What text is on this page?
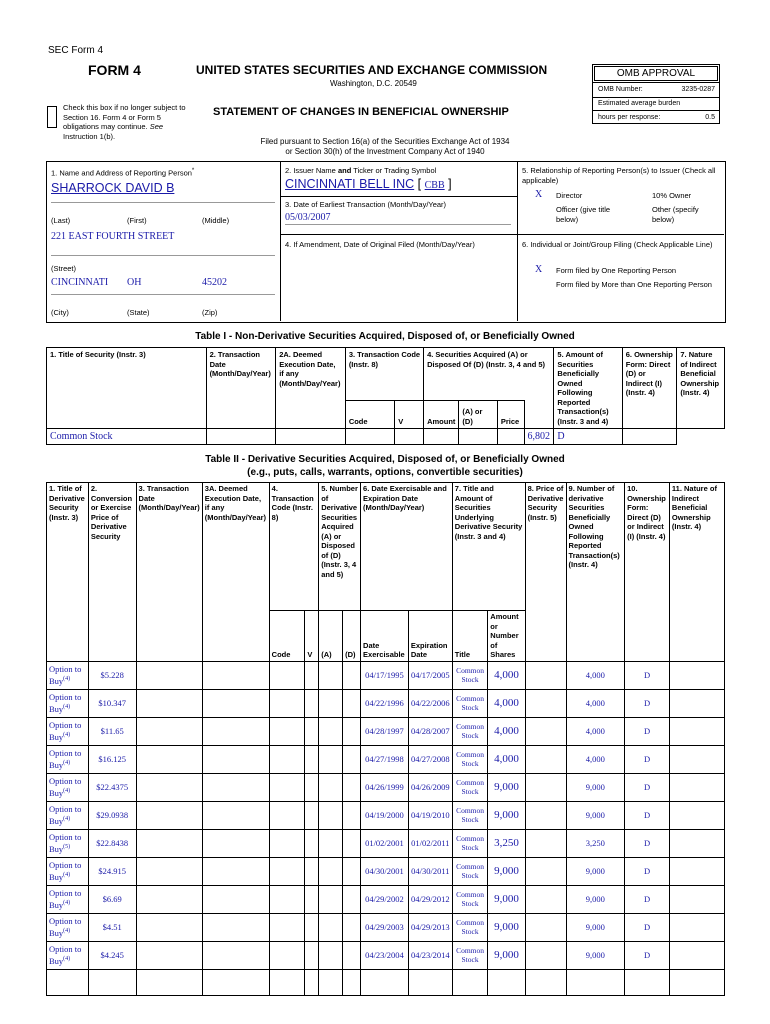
SEC Form 4
FORM 4	UNITED STATES SECURITIES AND EXCHANGE COMMISSION
Washington, D.C. 20549
Check this box if no longer subject to Section 16. Form 4 or Form 5 obligations may continue. See Instruction 1(b).
STATEMENT OF CHANGES IN BENEFICIAL OWNERSHIP
OMB APPROVAL
OMB Number:	3235-0287
Estimated average burden
hours per response:	0.5
Filed pursuant to Section 16(a) of the Securities Exchange Act of 1934
or Section 30(h) of the Investment Company Act of 1940
1. Name and Address of Reporting Person*
SHARROCK DAVID B
(Last)	(First)	(Middle)
221 EAST FOURTH STREET
(Street)
CINCINNATI OH	45202
(City)	(State)	(Zip)
2. Issuer Name and Ticker or Trading Symbol
CINCINNATI BELL INC [ CBB ]
3. Date of Earliest Transaction (Month/Day/Year)
05/03/2007
4. If Amendment, Date of Original Filed (Month/Day/Year)
5. Relationship of Reporting Person(s) to Issuer (Check all applicable)
X Director	10% Owner
Officer (give title below)
Other (specify below)
6. Individual or Joint/Group Filing (Check Applicable Line)
X Form filed by One Reporting Person
Form filed by More than One Reporting Person
Table I - Non-Derivative Securities Acquired, Disposed of, or Beneficially Owned
1. Title of Security (Instr. 3)	2. Transaction Date (Month/Day/Year)	2A. Deemed Execution Date, if any (Month/Day/Year)	3. Transaction Code (Instr. 8)		4. Securities Acquired (A) or Disposed Of (D) (Instr. 3, 4 and 5)				5. Amount of Securities Beneficially Owned Following Reported Transaction(s) (Instr. 3 and 4)	6. Ownership Form: Direct (D) or Indirect (I) (Instr. 4)	7. Nature of Indirect Beneficial Ownership (Instr. 4)
			Code	V	Amount	(A) or (D)	Price				
Common Stock								6,802	D		
Table II - Derivative Securities Acquired, Disposed of, or Beneficially Owned
(e.g., puts, calls, warrants, options, convertible securities)
1. Title of Derivative Security (Instr. 3)	2. Conversion or Exercise Price of Derivative Security	3. Transaction Date (Month/Day/Year)	3A. Deemed Execution Date, if any (Month/Day/Year)	4. Transaction Code (Instr. 8)		5. Number of Derivative Securities Acquired (A) or Disposed of (D) (Instr. 3, 4 and 5)		6. Date Exercisable and Expiration Date (Month/Day/Year)		7. Title and Amount of Securities Underlying Derivative Security (Instr. 3 and 4)		8. Price of Derivative Security (Instr. 5)	9. Number of derivative Securities Beneficially Owned Following Reported Transaction(s) (Instr. 4)	10. Ownership Form: Direct (D) or Indirect (I) (Instr. 4)	11. Nature of Indirect Beneficial Ownership (Instr. 4)
				Code	V	(A)	(D)	Date Exercisable	Expiration Date	Title	Amount or Number of Shares				
Option to Buy$^{(4)}$	$5.228							04/17/1995	04/17/2005	Common Stock	4,000		4,000	D	
Option to Buy$^{(4)}$	$10.347							04/22/1996	04/22/2006	Common Stock	4,000		4,000	D	
Option to Buy$^{(4)}$	$11.65							04/28/1997	04/28/2007	Common Stock	4,000		4,000	D	
Option to Buy$^{(4)}$	$16.125							04/27/1998	04/27/2008	Common Stock	4,000		4,000	D	
Option to Buy$^{(4)}$	$22.4375							04/26/1999	04/26/2009	Common Stock	9,000		9,000	D	
Option to Buy$^{(4)}$	$29.0938							04/19/2000	04/19/2010	Common Stock	9,000		9,000	D	
Option to Buy$^{(5)}$	$22.8438							01/02/2001	01/02/2011	Common Stock	3,250		3,250	D	
Option to Buy$^{(4)}$	$24.915							04/30/2001	04/30/2011	Common Stock	9,000		9,000	D	
Option to Buy$^{(4)}$	$6.69							04/29/2002	04/29/2012	Common Stock	9,000		9,000	D	
Option to Buy$^{(4)}$	$4.51							04/29/2003	04/29/2013	Common Stock	9,000		9,000	D	
Option to Buy$^{(4)}$	$4.245							04/23/2004	04/23/2014	Common Stock	9,000		9,000	D	
